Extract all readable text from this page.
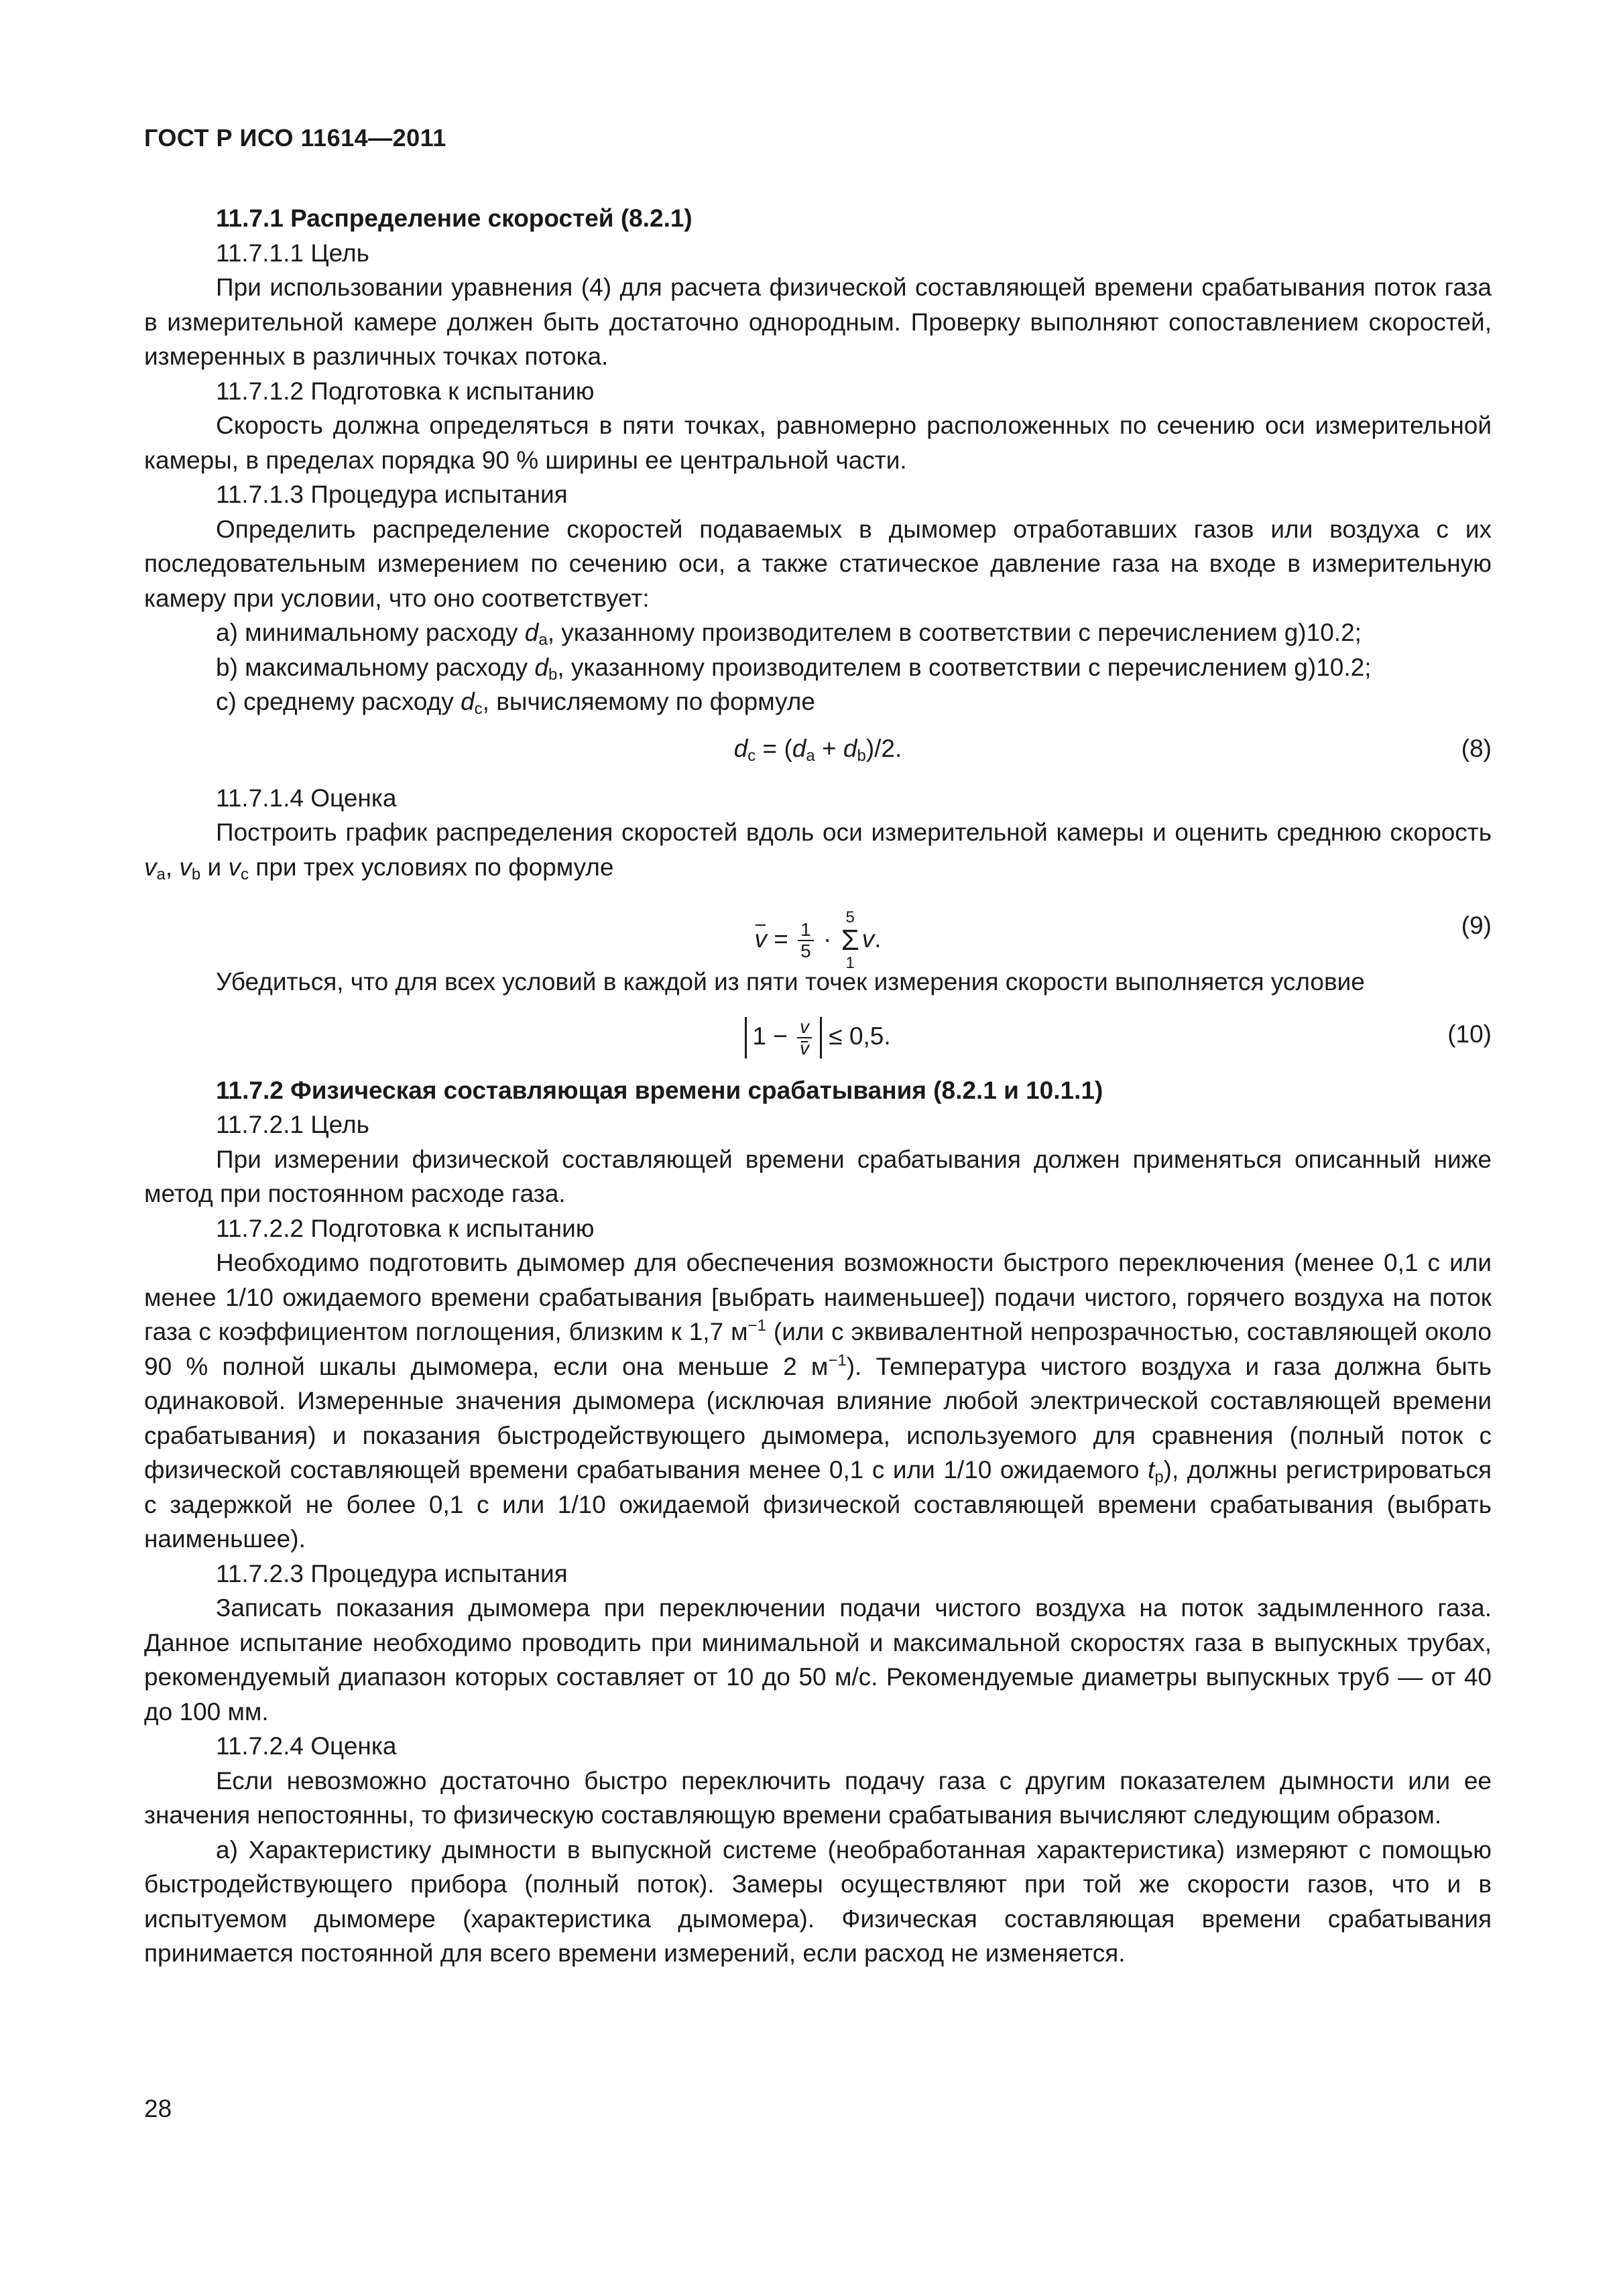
ГОСТ Р ИСО 11614—2011

11.7.1 Распределение скоростей (8.2.1)

11.7.1.1 Цель

При использовании уравнения (4) для расчета физической составляющей времени срабатывания поток газа в измерительной камере должен быть достаточно однородным. Проверку выполняют сопоставлением скоростей, измеренных в различных точках потока.

11.7.1.2 Подготовка к испытанию

Скорость должна определяться в пяти точках, равномерно расположенных по сечению оси измерительной камеры, в пределах порядка 90 % ширины ее центральной части.

11.7.1.3 Процедура испытания

Определить распределение скоростей подаваемых в дымомер отработавших газов или воздуха с их последовательным измерением по сечению оси, а также статическое давление газа на входе в измерительную камеру при условии, что оно соответствует:

a) минимальному расходу $d_a$, указанному производителем в соответствии с перечислением g)10.2;

b) максимальному расходу $d_b$, указанному производителем в соответствии с перечислением g)10.2;

c) среднему расходу $d_c$, вычисляемому по формуле

$d_c = (d_a + d_b)/2$.	(8)

11.7.1.4 Оценка

Построить график распределения скоростей вдоль оси измерительной камеры и оценить среднюю скорость $v_a$, $v_b$ и $v_c$ при трех условиях по формуле

$v = \frac{1}{5}$ ·
5
Σ
1
v.	(9)

Убедиться, что для всех условий в каждой из пяти точек измерения скорости выполняется условие

$1 - \frac{v}{v} \le 0,5$.	(10)

11.7.2 Физическая составляющая времени срабатывания (8.2.1 и 10.1.1)

11.7.2.1 Цель

При измерении физической составляющей времени срабатывания должен применяться описанный ниже метод при постоянном расходе газа.

11.7.2.2 Подготовка к испытанию

Необходимо подготовить дымомер для обеспечения возможности быстрого переключения (менее 0,1 с или менее 1/10 ожидаемого времени срабатывания [выбрать наименьшее]) подачи чистого, горячего воздуха на поток газа с коэффициентом поглощения, близким к 1,7 $м^{-1}$ (или с эквивалентной непрозрачностью, составляющей около 90 % полной шкалы дымомера, если она меньше 2 $м^{-1}$). Температура чистого воздуха и газа должна быть одинаковой. Измеренные значения дымомера (исключая влияние любой электрической составляющей времени срабатывания) и показания быстродействующего дымомера, используемого для сравнения (полный поток с физической составляющей времени срабатывания менее 0,1 с или 1/10 ожидаемого $t_p$), должны регистрироваться с задержкой не более 0,1 с или 1/10 ожидаемой физической составляющей времени срабатывания (выбрать наименьшее).

11.7.2.3 Процедура испытания

Записать показания дымомера при переключении подачи чистого воздуха на поток задымленного газа. Данное испытание необходимо проводить при минимальной и максимальной скоростях газа в выпускных трубах, рекомендуемый диапазон которых составляет от 10 до 50 м/с. Рекомендуемые диаметры выпускных труб — от 40 до 100 мм.

11.7.2.4 Оценка

Если невозможно достаточно быстро переключить подачу газа с другим показателем дымности или ее значения непостоянны, то физическую составляющую времени срабатывания вычисляют следующим образом.

a) Характеристику дымности в выпускной системе (необработанная характеристика) измеряют с помощью быстродействующего прибора (полный поток). Замеры осуществляют при той же скорости газов, что и в испытуемом дымомере (характеристика дымомера). Физическая составляющая времени срабатывания принимается постоянной для всего времени измерений, если расход не изменяется.

28
